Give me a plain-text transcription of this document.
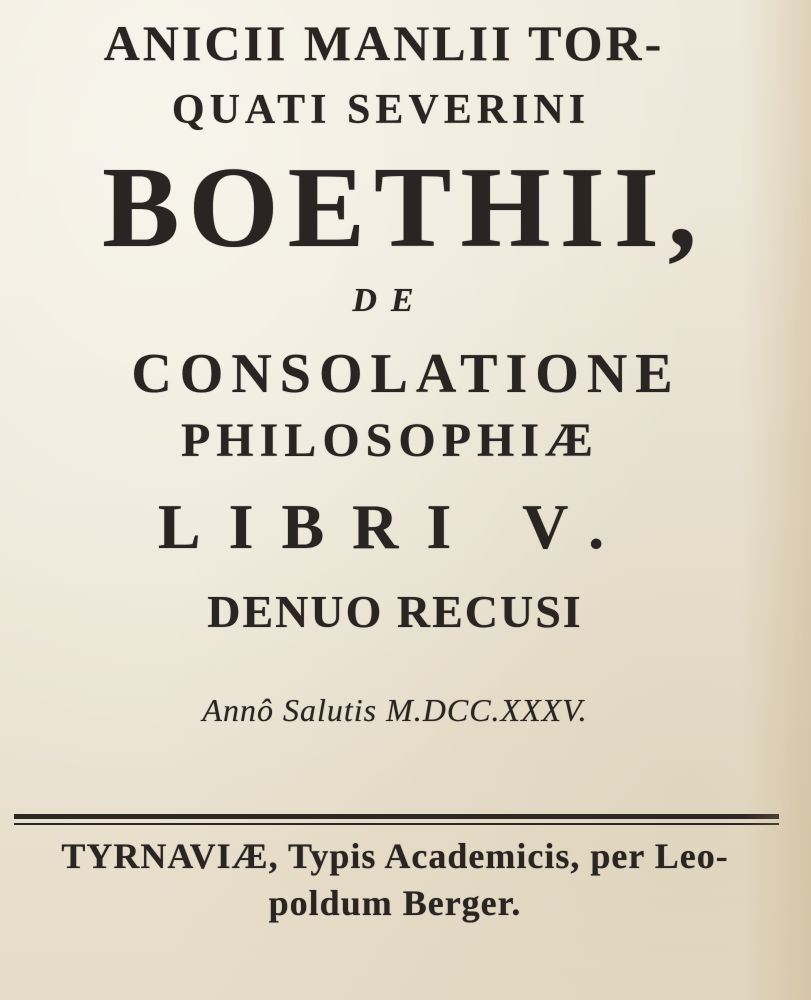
ANICII MANLII TOR-
QUATI SEVERINI
BOETHII,
DE
CONSOLATIONE
PHILOSOPHIÆ
LIBRI V.
DENUO RECUSI
Annô Salutis M.DCC.XXXV.
TYRNAVIÆ, Typis Academicis, per Leo-
poldum Berger.
